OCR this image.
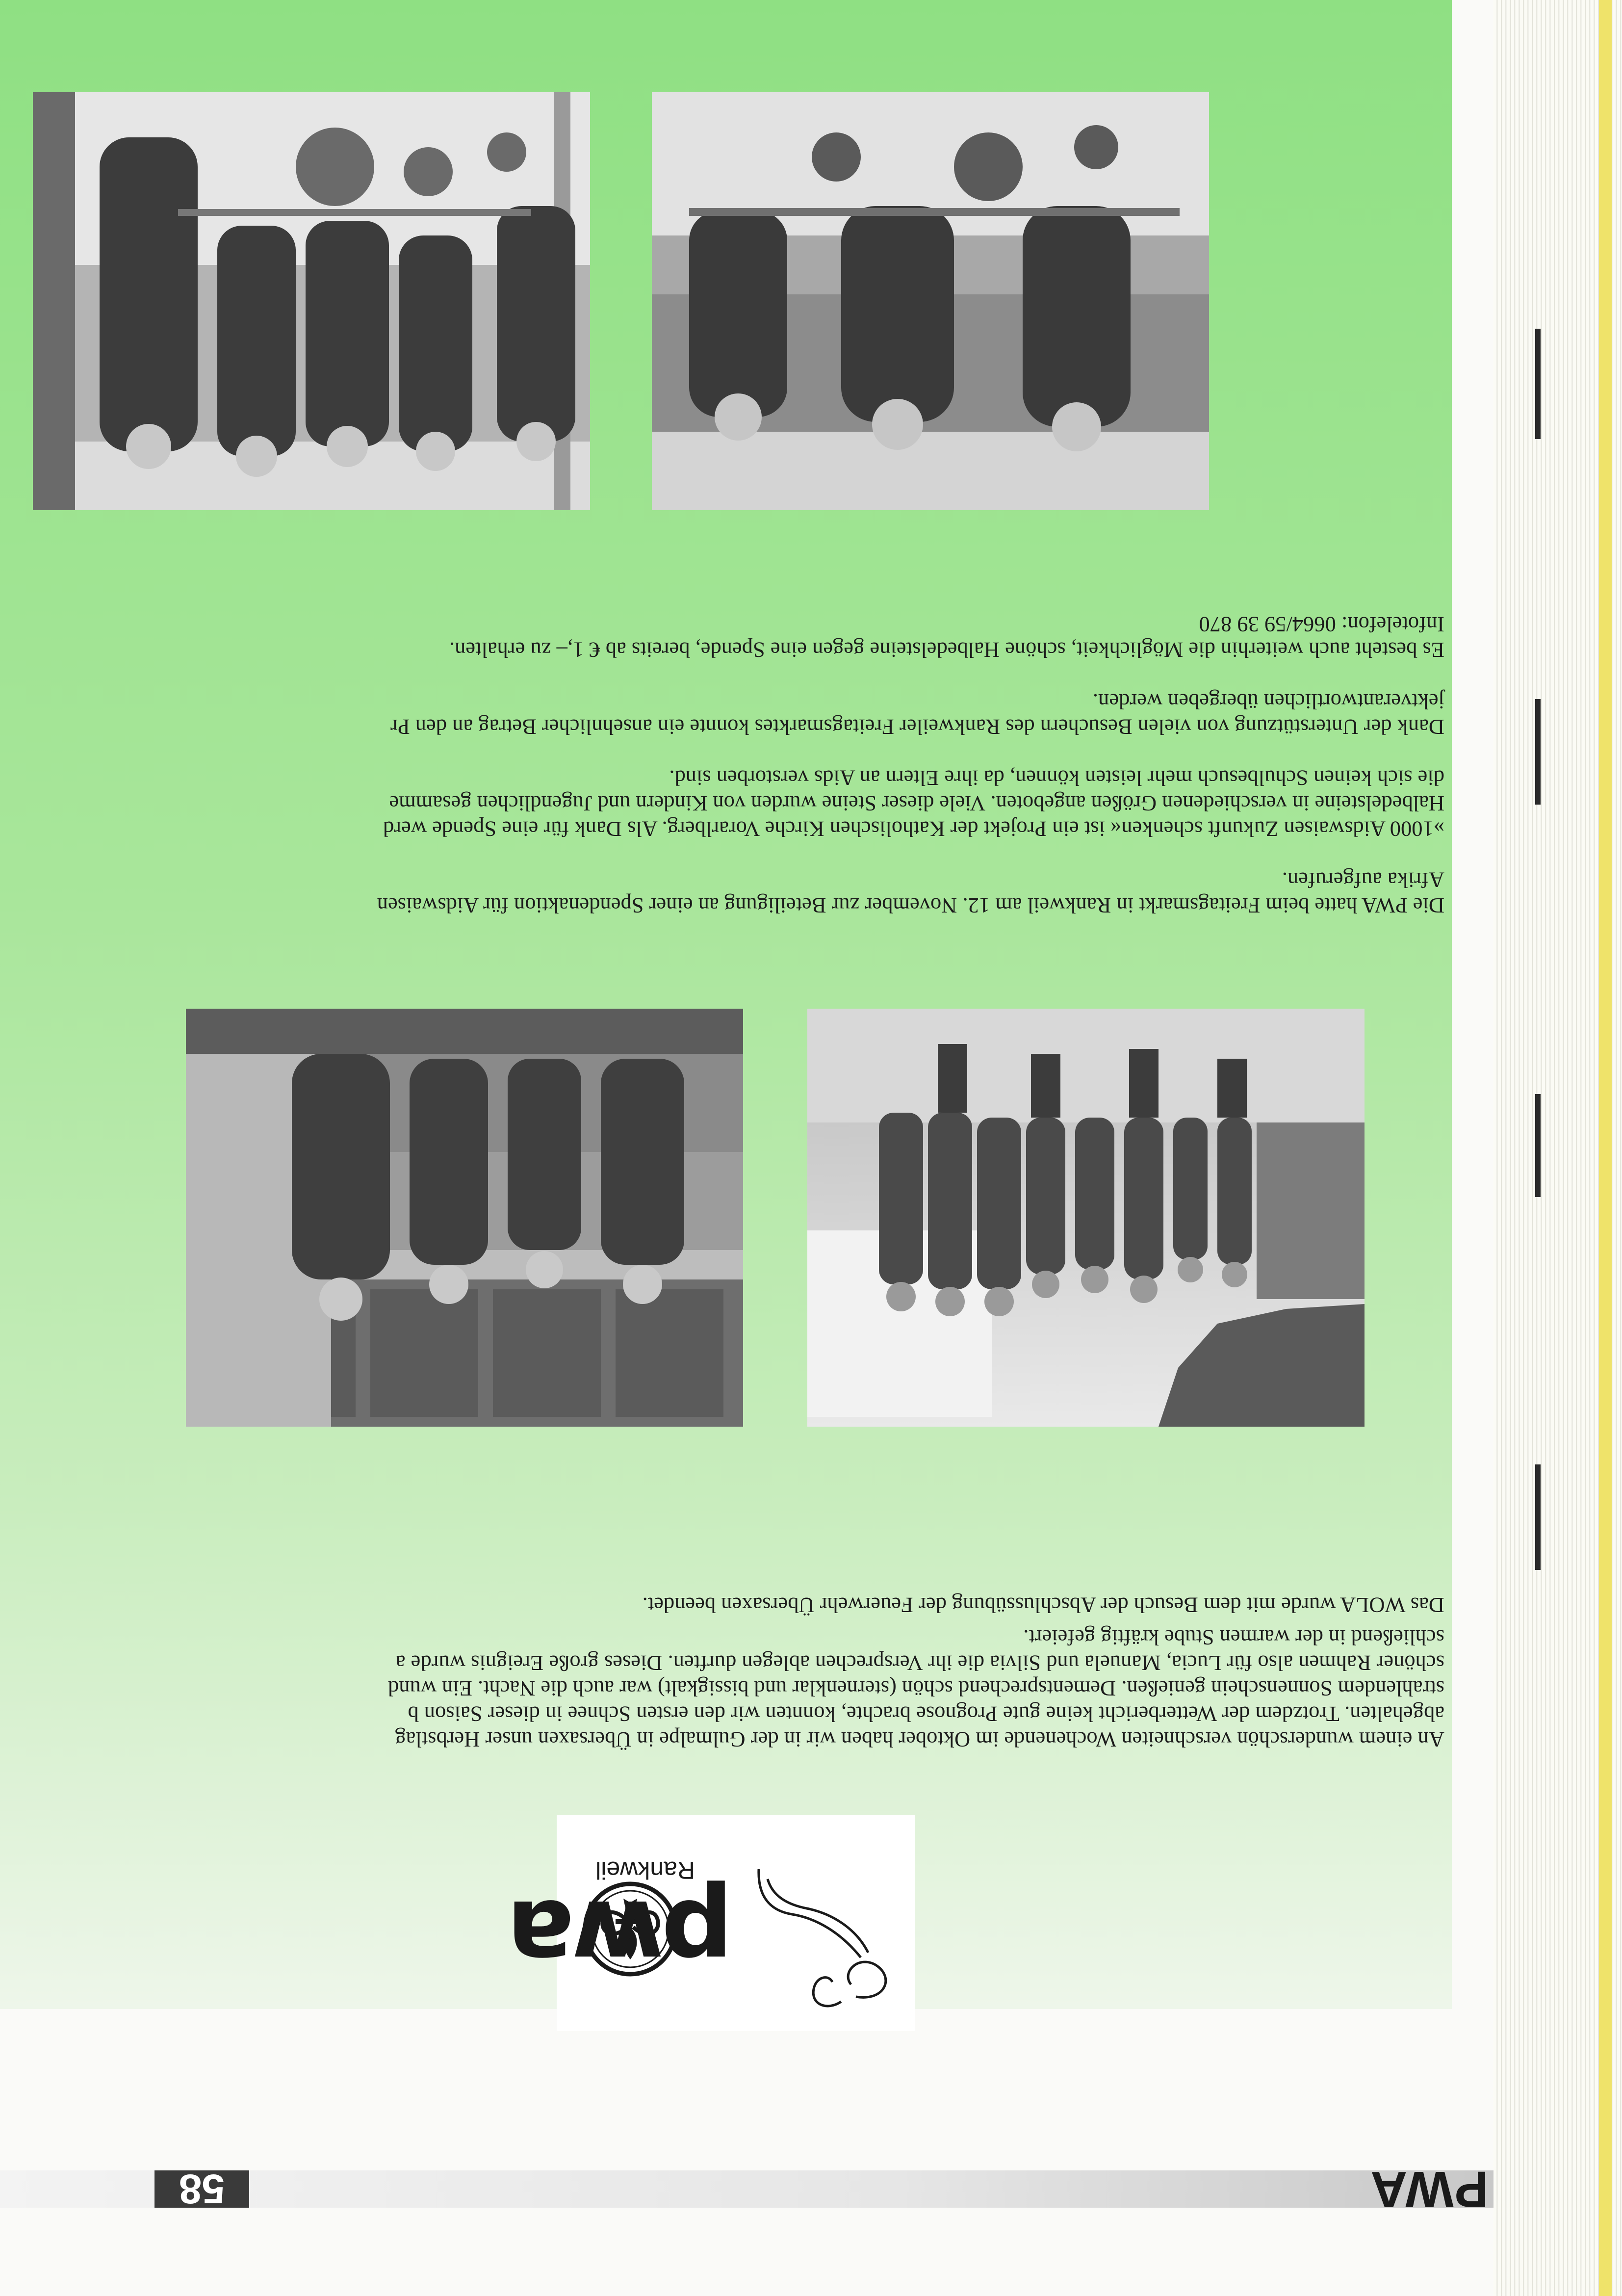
PWA
58
pwa
Rankweil
An einem wunderschön verschneiten Wochenende im Oktober haben wir in der Gulmalpe in Übersaxen unser Herbstlag
abgehalten. Trotzdem der Wetterbericht keine gute Prognose brachte, konnten wir den ersten Schnee in dieser Saison b
strahlendem Sonnenschein genießen. Dementsprechend schön (sternenklar und bissigkalt) war auch die Nacht. Ein wund
schöner Rahmen also für Lucia, Manuela und Silvia die ihr Versprechen ablegen durften. Dieses große Ereignis wurde a
schließend in der warmen Stube kräftig gefeiert.
Das WOLA wurde mit dem Besuch der Abschlussübung der Feuerwehr Übersaxen beendet.
Die PWA hatte beim Freitagsmarkt in Rankweil am 12. November zur Beteiligung an einer Spendenaktion für Aidswaisen
Afrika aufgerufen.
»1000 Aidswaisen Zukunft schenken« ist ein Projekt der Katholischen Kirche Vorarlberg. Als Dank für eine Spende werd
Halbedelsteine in verschiedenen Größen angeboten. Viele dieser Steine wurden von Kindern und Jugendlichen gesamme
die sich keinen Schulbesuch mehr leisten können, da ihre Eltern an Aids verstorben sind.
Dank der Unterstützung von vielen Besuchern des Rankweiler Freitagsmarktes konnte ein ansehnlicher Betrag an den Pr
jektverantwortlichen übergeben werden.
Es besteht auch weiterhin die Möglichkeit, schöne Halbedelsteine gegen eine Spende, bereits ab € 1,– zu erhalten.
Infotelefon: 0664/59 39 870
